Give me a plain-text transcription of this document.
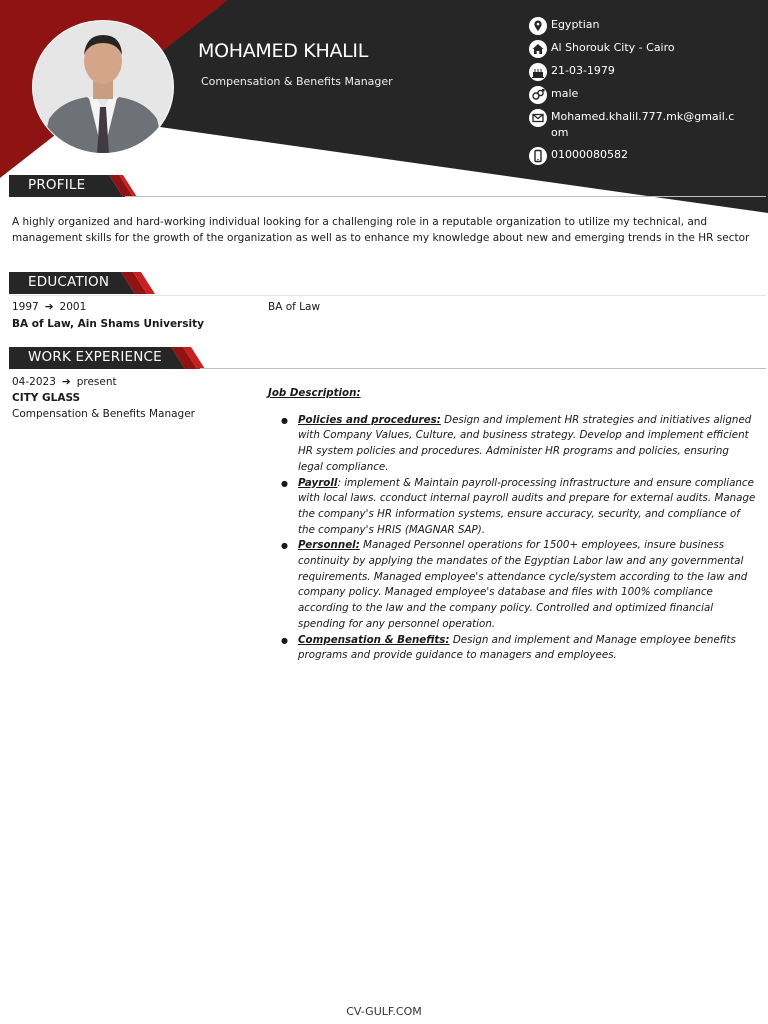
MOHAMED KHALIL
Compensation & Benefits Manager
Egyptian
Al Shorouk City - Cairo
21-03-1979
male
Mohamed.khalil.777.mk@gmail.com
01000080582
PROFILE
A highly organized and hard-working individual looking for a challenging role in a reputable organization to utilize my technical, and management skills for the growth of the organization as well as to enhance my knowledge about new and emerging trends in the HR sector
EDUCATION
1997 ➔ 2001
BA of Law, Ain Shams University
BA of Law
WORK EXPERIENCE
04-2023 ➔ present
CITY GLASS
Compensation & Benefits Manager
Job Description:
● Policies and procedures: Design and implement HR strategies and initiatives aligned with Company Values, Culture, and business strategy. Develop and implement efficient HR system policies and procedures. Administer HR programs and policies, ensuring legal compliance.
● Payroll: implement & Maintain payroll-processing infrastructure and ensure compliance with local laws. cconduct internal payroll audits and prepare for external audits. Manage the company's HR information systems, ensure accuracy, security, and compliance of the company's HRIS (MAGNAR SAP).
● Personnel: Managed Personnel operations for 1500+ employees, insure business continuity by applying the mandates of the Egyptian Labor law and any governmental requirements. Managed employee's attendance cycle/system according to the law and company policy. Managed employee's database and files with 100% compliance according to the law and the company policy. Controlled and optimized financial spending for any personnel operation.
● Compensation & Benefits: Design and implement and Manage employee benefits programs and provide guidance to managers and employees.
CV-GULF.COM
